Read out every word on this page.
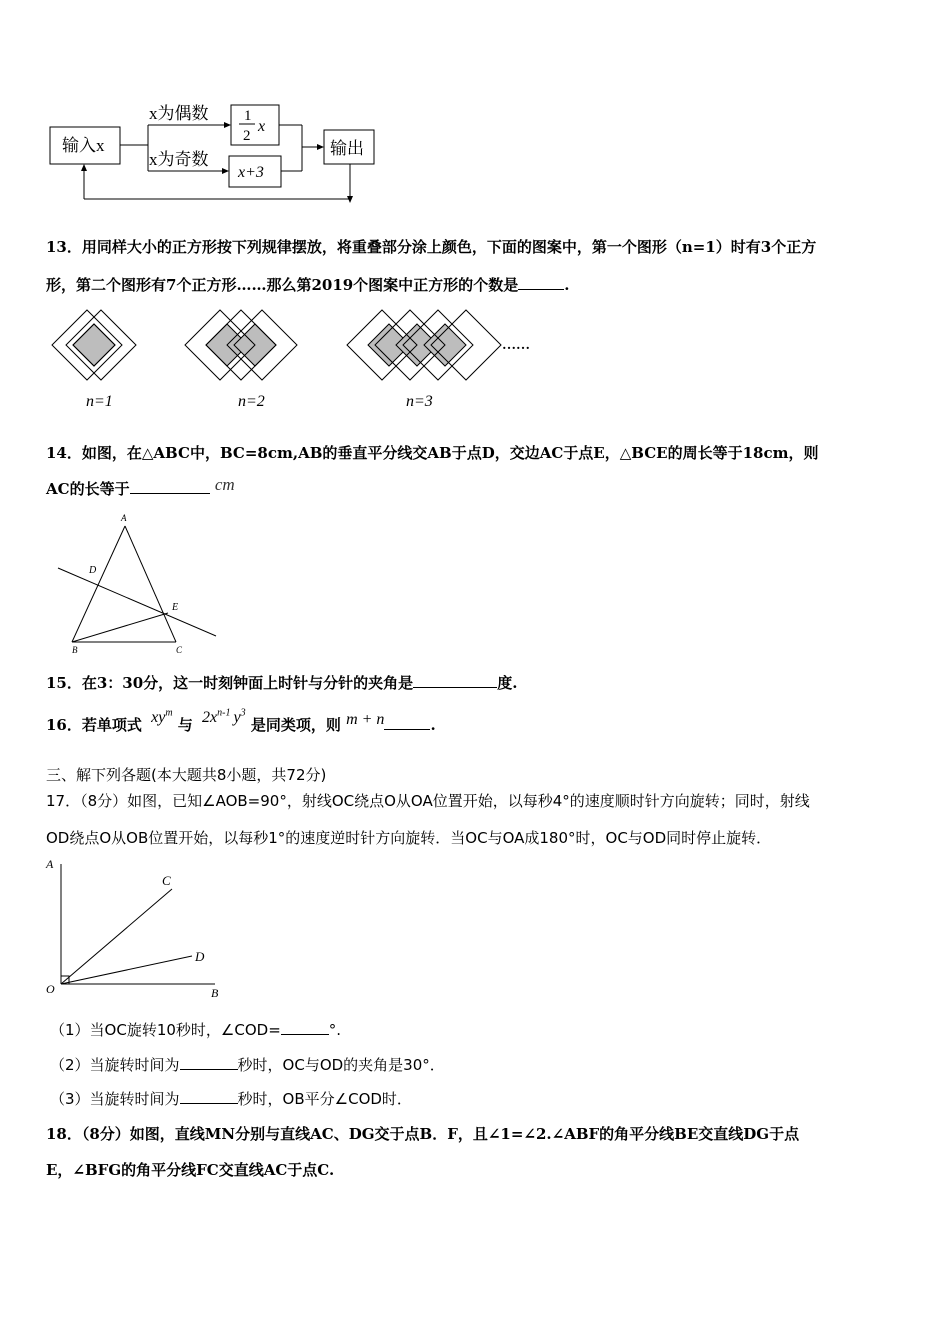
输入x
x为偶数
x为奇数
1
2
x
x+3
输出
13．用同样大小的正方形按下列规律摆放，将重叠部分涂上颜色，下面的图案中，第一个图形（n=1）时有3个正方
形，第二个图形有7个正方形……那么第2019个图案中正方形的个数是	.
……
n=1	n=2	n=3
14．如图，在△ABC中，BC=8cm,AB的垂直平分线交AB于点D，交边AC于点E，△BCE的周长等于18cm，则
AC的长等于	cm
A
D
E
B	C
15．在3：30分，这一时刻钟面上时针与分针的夹角是	度.
16．若单项式 $xy^m$ 与 $2x^{n-1}$ $y^3$ 是同类项，则 m + n	.
三、解下列各题(本大题共8小题，共72分)
17．（8分）如图，已知∠AOB=90°，射线OC绕点O从OA位置开始，以每秒4°的速度顺时针方向旋转；同时，射线
OD绕点O从OB位置开始，以每秒1°的速度逆时针方向旋转．当OC与OA成180°时，OC与OD同时停止旋转．
A
C
D
O	B
（1）当OC旋转10秒时，∠COD=	°.
（2）当旋转时间为	秒时，OC与OD的夹角是30°．
（3）当旋转时间为	秒时，OB平分∠COD时．
18．（8分）如图，直线MN分别与直线AC、DG交于点B．F，且∠1=∠2.∠ABF的角平分线BE交直线DG于点
E，∠BFG的角平分线FC交直线AC于点C.
